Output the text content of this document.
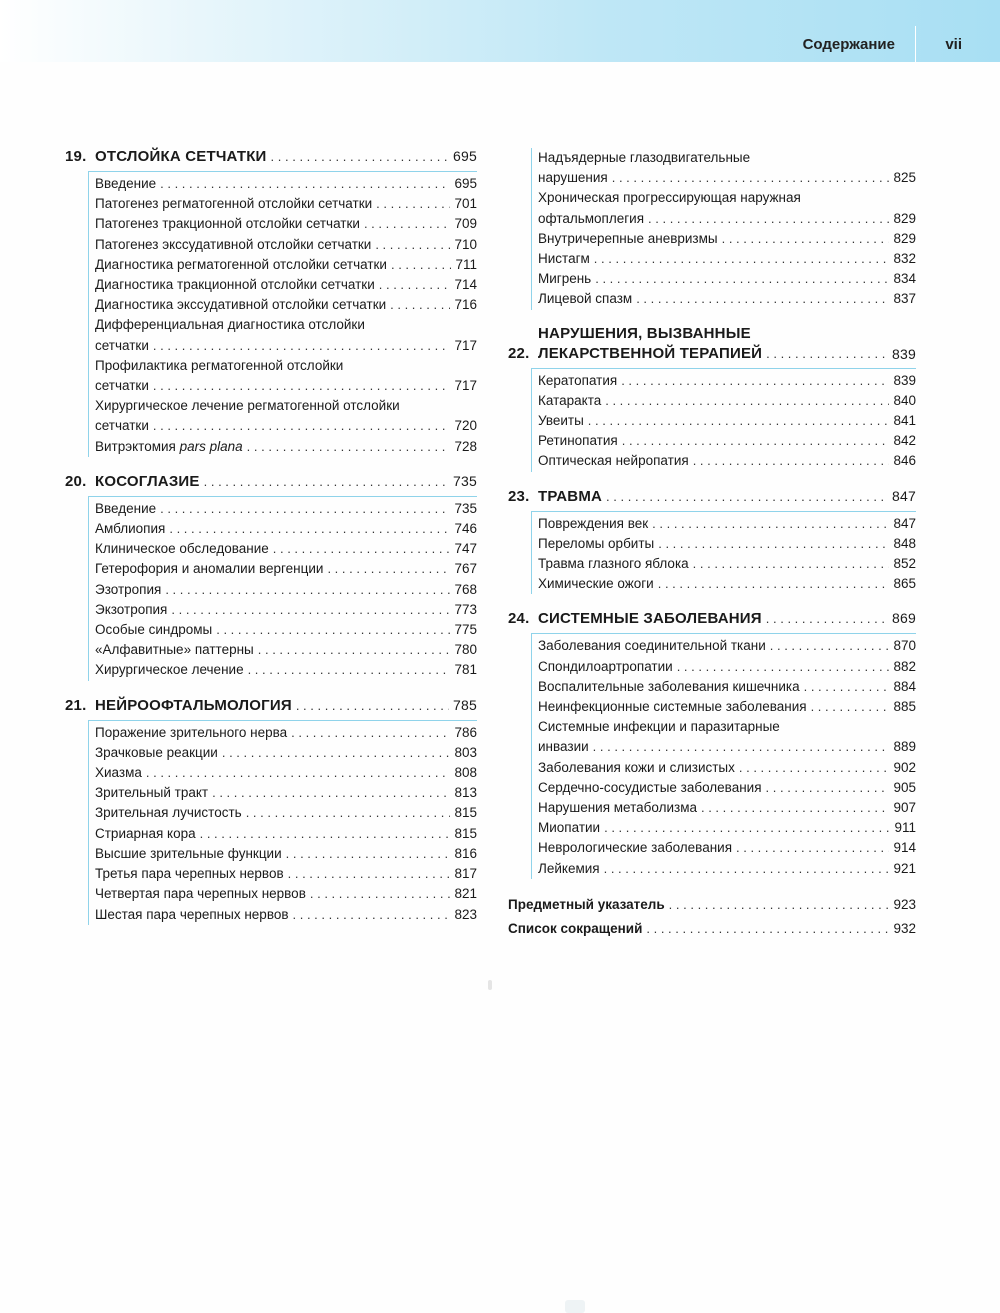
Содержание	vii
19. ОТСЛОЙКА СЕТЧАТКИ . . .	695
Введение . . .	695
Патогенез регматогенной отслойки сетчатки . . .	701
Патогенез тракционной отслойки сетчатки . . .	709
Патогенез экссудативной отслойки сетчатки . . .	710
Диагностика регматогенной отслойки сетчатки . . .	711
Диагностика тракционной отслойки сетчатки . . .	714
Диагностика экссудативной отслойки сетчатки . . .	716
Дифференциальная диагностика отслойки
сетчатки . . .	717
Профилактика регматогенной отслойки
сетчатки . . .	717
Хирургическое лечение регматогенной отслойки
сетчатки . . .	720
Витрэктомия pars plana . . .	728
20. КОСОГЛАЗИЕ . . .	735
Введение . . .	735
Амблиопия . . .	746
Клиническое обследование . . .	747
Гетерофория и аномалии вергенции . . .	767
Эзотропия . . .	768
Экзотропия . . .	773
Особые синдромы . . .	775
«Алфавитные» паттерны . . .	780
Хирургическое лечение . . .	781
21. НЕЙРООФТАЛЬМОЛОГИЯ . . .	785
Поражение зрительного нерва . . .	786
Зрачковые реакции . . .	803
Хиазма . . .	808
Зрительный тракт . . .	813
Зрительная лучистость . . .	815
Стриарная кора . . .	815
Высшие зрительные функции . . .	816
Третья пара черепных нервов . . .	817
Четвертая пара черепных нервов . . .	821
Шестая пара черепных нервов . . .	823
Надъядерные глазодвигательные
нарушения . . .	825
Хроническая прогрессирующая наружная
офтальмоплегия . . .	829
Внутричерепные аневризмы . . .	829
Нистагм . . .	832
Мигрень . . .	834
Лицевой спазм . . .	837
22.
НАРУШЕНИЯ, ВЫЗВАННЫЕ
ЛЕКАРСТВЕННОЙ ТЕРАПИЕЙ . . .	839
Кератопатия . . .	839
Катаракта . . .	840
Увеиты . . .	841
Ретинопатия . . .	842
Оптическая нейропатия . . .	846
23. ТРАВМА . . .	847
Повреждения век . . .	847
Переломы орбиты . . .	848
Травма глазного яблока . . .	852
Химические ожоги . . .	865
24. СИСТЕМНЫЕ ЗАБОЛЕВАНИЯ . . .	869
Заболевания соединительной ткани . . .	870
Спондилоартропатии . . .	882
Воспалительные заболевания кишечника . . .	884
Неинфекционные системные заболевания . . .	885
Системные инфекции и паразитарные
инвазии . . .	889
Заболевания кожи и слизистых . . .	902
Сердечно-сосудистые заболевания . . .	905
Нарушения метаболизма . . .	907
Миопатии . . .	911
Неврологические заболевания . . .	914
Лейкемия . . .	921
Предметный указатель . . .	923
Список сокращений . . .	932
